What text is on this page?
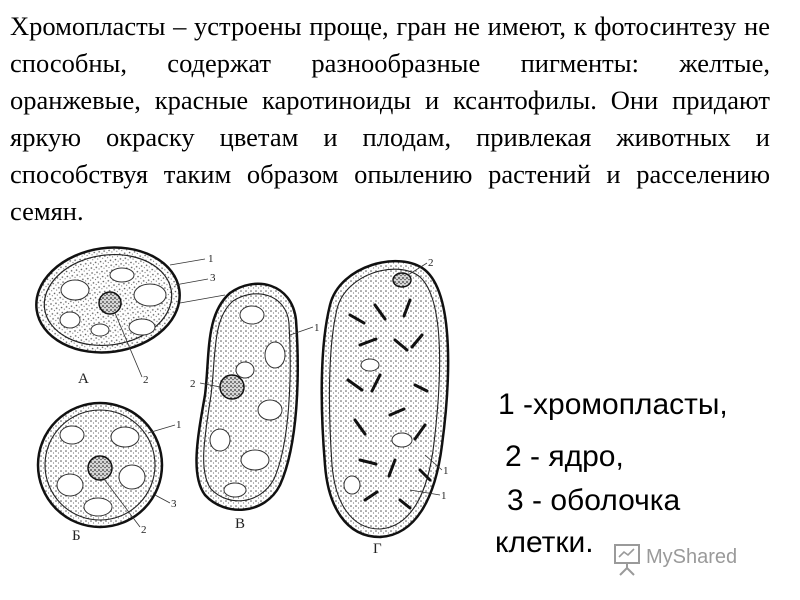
Хромопласты – устроены проще, гран не имеют, к фотосинтезу не способны, содержат разнообразные пигменты: желтые, оранжевые, красные каротиноиды и ксантофилы. Они придают яркую окраску цветам и плодам, привлекая животных и способствуя таким образом опылению растений и расселению семян.

1
3
2
А
1
3
2
Б
1
2
В
2
1
1
Г
1 -хромопласты,
2 - ядро,
3 - оболочка
клетки.	MyShared
